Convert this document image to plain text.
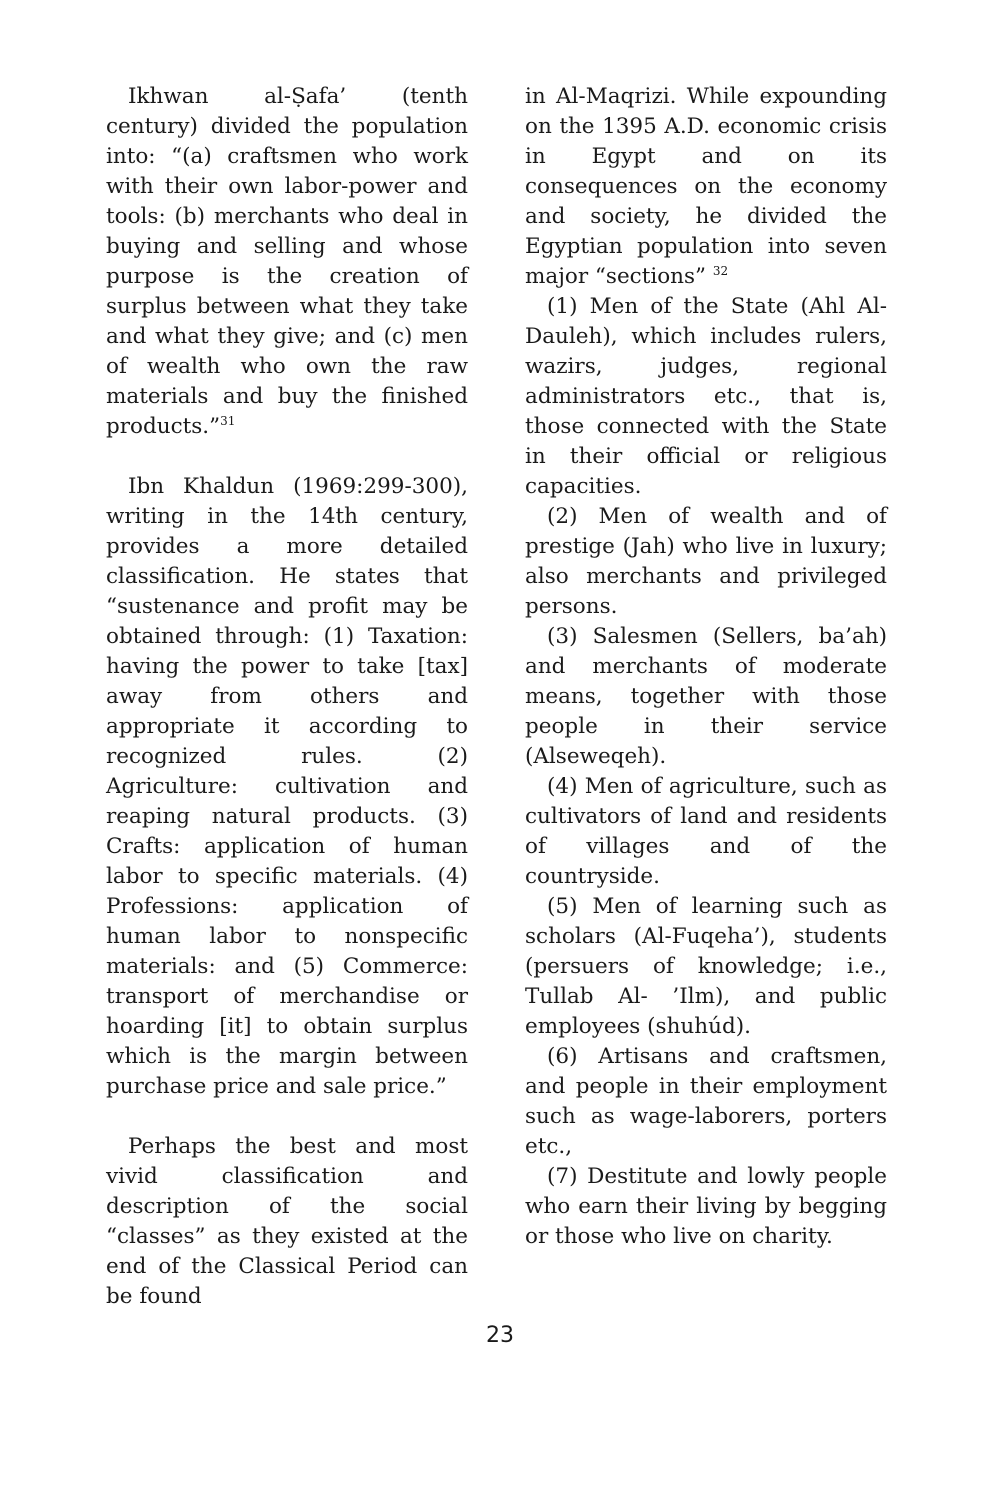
Ikhwan al-Ṣafa’ (tenth century) divided the population into: “(a) craftsmen who work with their own labor-power and tools: (b) merchants who deal in buying and selling and whose purpose is the creation of surplus between what they take and what they give; and (c) men of wealth who own the raw materials and buy the finished products.”$^{31}$

Ibn Khaldun (1969:299-300), writing in the 14th century, provides a more detailed classification. He states that “sustenance and profit may be obtained through: (1) Taxation: having the power to take [tax] away from others and appropriate it according to recognized rules. (2) Agriculture: cultivation and reaping natural products. (3) Crafts: application of human labor to specific materials. (4) Professions: application of human labor to nonspecific materials: and (5) Commerce: transport of merchandise or hoarding [it] to obtain surplus which is the margin between purchase price and sale price.”

Perhaps the best and most vivid classification and description of the social “classes” as they existed at the end of the Classical Period can be found

in Al-Maqrizi. While expounding on the 1395 A.D. economic crisis in Egypt and on its consequences on the economy and society, he divided the Egyptian population into seven major “sections” $^{32}$

(1) Men of the State (Ahl Al-Dauleh), which includes rulers, wazirs, judges, regional administrators etc., that is, those connected with the State in their official or religious capacities.

(2) Men of wealth and of prestige (Jah) who live in luxury; also merchants and privileged persons.

(3) Salesmen (Sellers, ba’ah) and merchants of moderate means, together with those people in their service (Alseweqeh).

(4) Men of agriculture, such as cultivators of land and residents of villages and of the countryside.

(5) Men of learning such as scholars (Al-Fuqeha’), students (persuers of knowledge; i.e., Tullab Al- ’Ilm), and public employees (shuhúd).

(6) Artisans and craftsmen, and people in their employment such as wage-laborers, porters etc.,

(7) Destitute and lowly people who earn their living by begging or those who live on charity.

23
